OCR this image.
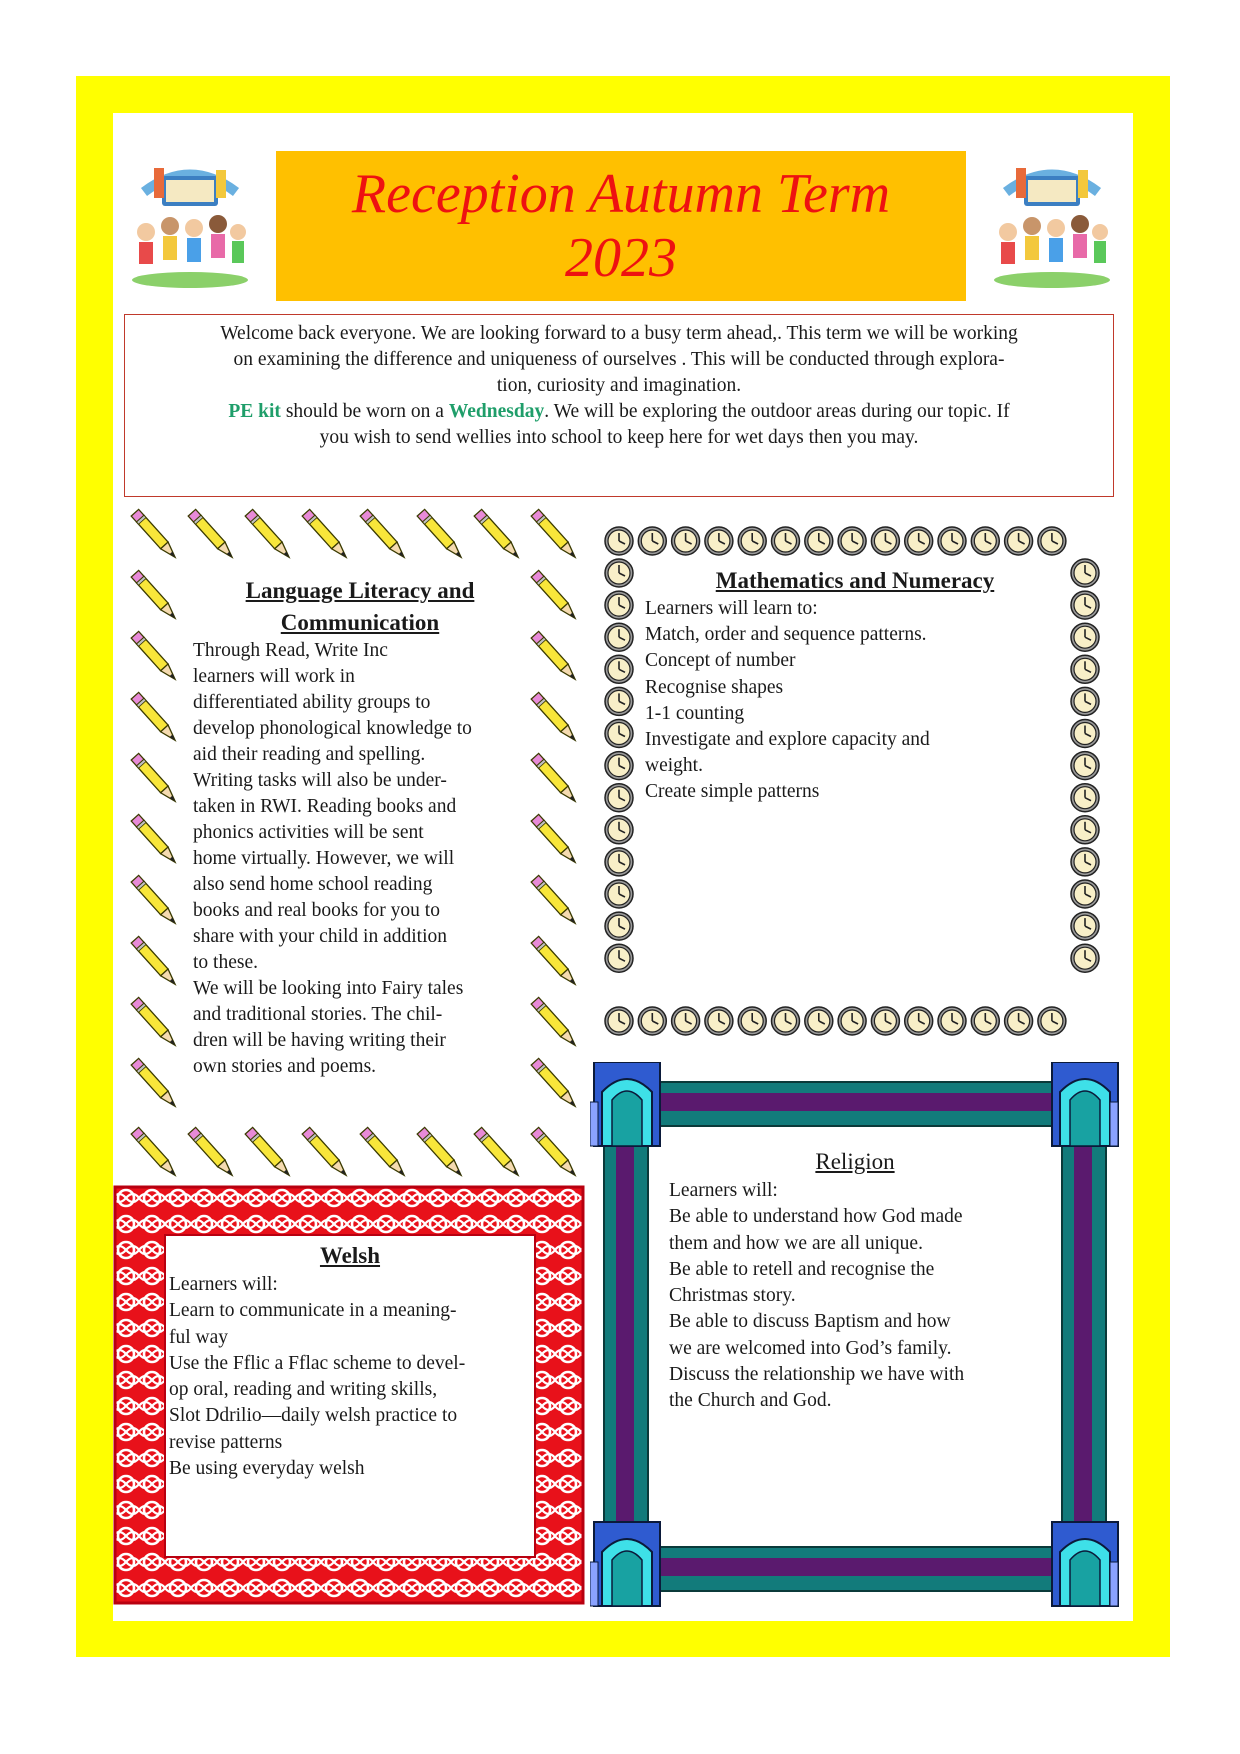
Reception Autumn Term
2023

Welcome back everyone. We are looking forward to a busy term ahead,. This term we will be working

on examining the difference and uniqueness of ourselves . This will be conducted through explora-

tion, curiosity and imagination.

PE kit should be worn on a Wednesday. We will be exploring the outdoor areas during our topic. If

you wish to send wellies into school to keep here for wet days then you may.

Language Literacy and
Communication

Through Read, Write Inc

learners will work in

differentiated ability groups to

develop phonological knowledge to

aid their reading and spelling.

Writing tasks will also be under-

taken in RWI. Reading books and

phonics activities will be sent

home virtually. However, we will

also send home school reading

books and real books for you to

share with your child in addition

to these.

We will be looking into Fairy tales

and traditional stories. The chil-

dren will be having writing their

own stories and poems.

Mathematics and Numeracy

Learners will learn to:

Match, order and sequence patterns.

Concept of number

Recognise shapes

1-1 counting

Investigate and explore capacity and

weight.

Create simple patterns

Religion

Learners will:

Be able to understand how God made

them and how we are all unique.

Be able to retell and recognise the

Christmas story.

Be able to discuss Baptism and how

we are welcomed into God’s family.

Discuss the relationship we have with

the Church and God.

Welsh

Learners will:

Learn to communicate in a meaning-

ful way

Use the Fflic a Fflac scheme to devel-

op oral, reading and writing skills,

Slot Ddrilio—daily welsh practice to

revise patterns

Be using everyday welsh
